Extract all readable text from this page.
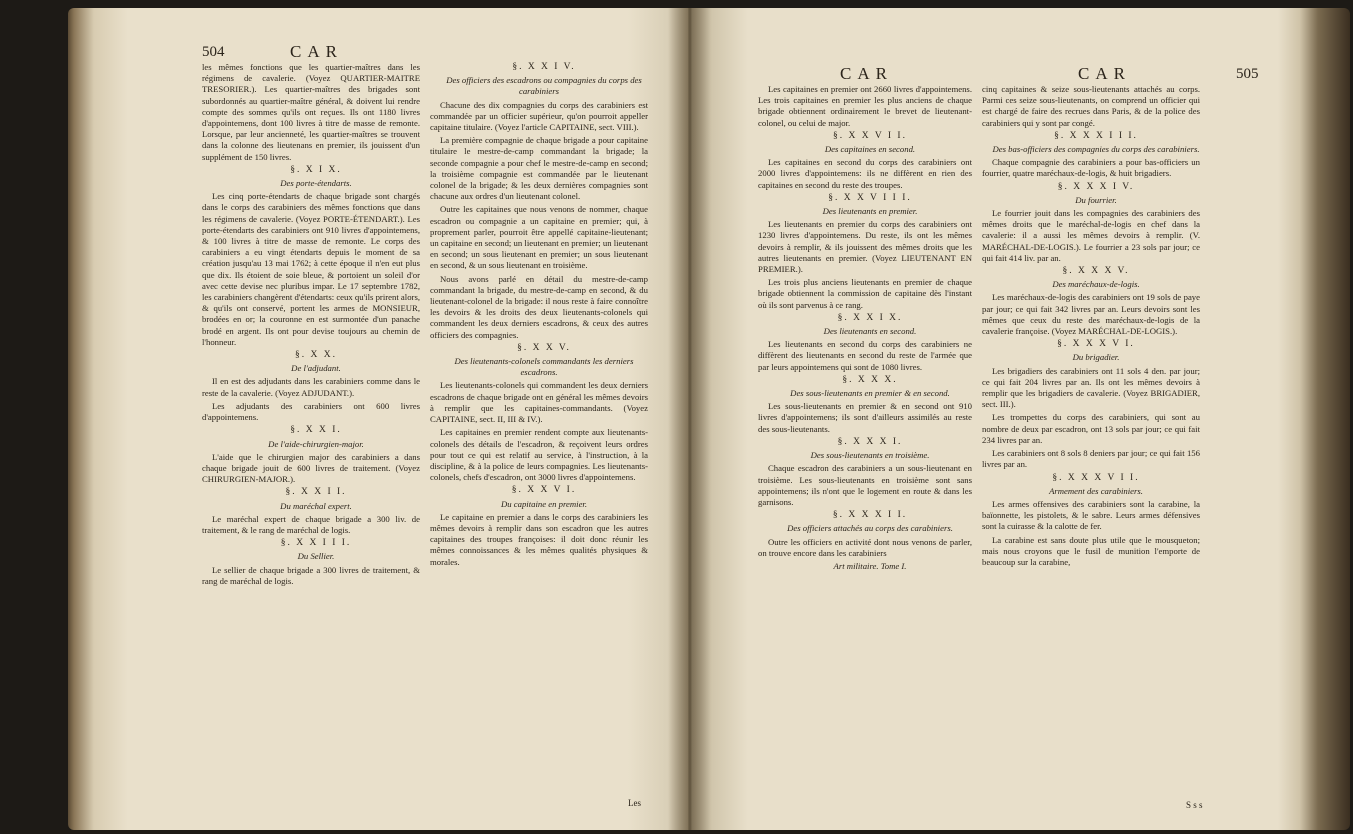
504	CAR

les mêmes fonctions que les quartier-maîtres dans les régimens de cavalerie. (Voyez QUARTIER-MAITRE TRESORIER.). Les quartier-maîtres des brigades sont subordonnés au quartier-maître général, & doivent lui rendre compte des sommes qu'ils ont reçues. Ils ont 1180 livres d'appointemens, dont 100 livres à titre de masse de remonte. Lorsque, par leur ancienneté, les quartier-maîtres se trouvent dans la colonne des lieutenans en premier, ils jouissent d'un supplément de 150 livres.

§. X I X.

Des porte-étendarts.

Les cinq porte-étendarts de chaque brigade sont chargés dans le corps des carabiniers des mêmes fonctions que dans les régimens de cavalerie. (Voyez PORTE-ÉTENDART.). Les porte-étendarts des carabiniers ont 910 livres d'appointemens, & 100 livres à titre de masse de remonte. Le corps des carabiniers a eu vingt étendarts depuis le moment de sa création jusqu'au 13 mai 1762; à cette époque il n'en eut plus que dix. Ils étoient de soie bleue, & portoient un soleil d'or avec cette devise nec pluribus impar. Le 17 septembre 1782, les carabiniers changèrent d'étendarts: ceux qu'ils prirent alors, & qu'ils ont conservé, portent les armes de MONSIEUR, brodées en or; la couronne en est surmontée d'un panache brodé en argent. Ils ont pour devise toujours au chemin de l'honneur.

§. X X.

De l'adjudant.

Il en est des adjudants dans les carabiniers comme dans le reste de la cavalerie. (Voyez ADJUDANT.).

Les adjudants des carabiniers ont 600 livres d'appointemens.

§. X X I.

De l'aide-chirurgien-major.

L'aide que le chirurgien major des carabiniers a dans chaque brigade jouit de 600 livres de traitement. (Voyez CHIRURGIEN-MAJOR.).

§. X X I I.

Du maréchal expert.

Le maréchal expert de chaque brigade a 300 liv. de traitement, & le rang de maréchal de logis.

§. X X I I I.

Du Sellier.

Le sellier de chaque brigade a 300 livres de traitement, & rang de maréchal de logis.

§. X X I V.

Des officiers des escadrons ou compagnies du corps des carabiniers

Chacune des dix compagnies du corps des carabiniers est commandée par un officier supérieur, qu'on pourroit appeller capitaine titulaire. (Voyez l'article CAPITAINE, sect. VIII.).

La première compagnie de chaque brigade a pour capitaine titulaire le mestre-de-camp commandant la brigade; la seconde compagnie a pour chef le mestre-de-camp en second; la troisième compagnie est commandée par le lieutenant colonel de la brigade; & les deux dernières compagnies sont chacune aux ordres d'un lieutenant colonel.

Outre les capitaines que nous venons de nommer, chaque escadron ou compagnie a un capitaine en premier; qui, à proprement parler, pourroit être appellé capitaine-lieutenant; un capitaine en second; un lieutenant en premier; un lieutenant en second; un sous lieutenant en premier; un sous lieutenant en second, & un sous lieutenant en troisième.

Nous avons parlé en détail du mestre-de-camp commandant la brigade, du mestre-de-camp en second, & du lieutenant-colonel de la brigade: il nous reste à faire connoître les devoirs & les droits des deux lieutenants-colonels qui commandent les deux derniers escadrons, & ceux des autres officiers des compagnies.

§. X X V.

Des lieutenants-colonels commandants les derniers escadrons.

Les lieutenants-colonels qui commandent les deux derniers escadrons de chaque brigade ont en général les mêmes devoirs à remplir que les capitaines-commandants. (Voyez CAPITAINE, sect. II, III & IV.).

Les capitaines en premier rendent compte aux lieutenants-colonels des détails de l'escadron, & reçoivent leurs ordres pour tout ce qui est relatif au service, à l'instruction, à la discipline, & à la police de leurs compagnies. Les lieutenants-colonels, chefs d'escadron, ont 3000 livres d'appointemens.

§. X X V I.

Du capitaine en premier.

Le capitaine en premier a dans le corps des carabiniers les mêmes devoirs à remplir dans son escadron que les autres capitaines des troupes françoises: il doit donc réunir les mêmes connoissances & les mêmes qualités physiques & morales.

Les
CAR	CAR	505

Les capitaines en premier ont 2660 livres d'appointemens. Les trois capitaines en premier les plus anciens de chaque brigade obtiennent ordinairement le brevet de lieutenant-colonel, ou celui de major.

§. X X V I I.

Des capitaines en second.

Les capitaines en second du corps des carabiniers ont 2000 livres d'appointemens: ils ne diffèrent en rien des capitaines en second du reste des troupes.

§. X X V I I I.

Des lieutenants en premier.

Les lieutenants en premier du corps des carabiniers ont 1230 livres d'appointemens. Du reste, ils ont les mêmes devoirs à remplir, & ils jouissent des mêmes droits que les autres lieutenants en premier. (Voyez LIEUTENANT EN PREMIER.).

Les trois plus anciens lieutenants en premier de chaque brigade obtiennent la commission de capitaine dès l'instant où ils sont parvenus à ce rang.

§. X X I X.

Des lieutenants en second.

Les lieutenants en second du corps des carabiniers ne diffèrent des lieutenants en second du reste de l'armée que par leurs appointemens qui sont de 1080 livres.

§. X X X.

Des sous-lieutenants en premier & en second.

Les sous-lieutenants en premier & en second ont 910 livres d'appointemens; ils sont d'ailleurs assimilés au reste des sous-lieutenants.

§. X X X I.

Des sous-lieutenants en troisième.

Chaque escadron des carabiniers a un sous-lieutenant en troisième. Les sous-lieutenants en troisième sont sans appointemens; ils n'ont que le logement en route & dans les garnisons.

§. X X X I I.

Des officiers attachés au corps des carabiniers.

Outre les officiers en activité dont nous venons de parler, on trouve encore dans les carabiniers

Art militaire. Tome I.

cinq capitaines & seize sous-lieutenants attachés au corps. Parmi ces seize sous-lieutenants, on comprend un officier qui est chargé de faire des recrues dans Paris, & de la police des carabiniers qui y sont par congé.

§. X X X I I I.

Des bas-officiers des compagnies du corps des carabiniers.

Chaque compagnie des carabiniers a pour bas-officiers un fourrier, quatre maréchaux-de-logis, & huit brigadiers.

§. X X X I V.

Du fourrier.

Le fourrier jouit dans les compagnies des carabiniers des mêmes droits que le maréchal-de-logis en chef dans la cavalerie: il a aussi les mêmes devoirs à remplir. (V. MARÉCHAL-DE-LOGIS.). Le fourrier a 23 sols par jour; ce qui fait 414 liv. par an.

§. X X X V.

Des maréchaux-de-logis.

Les maréchaux-de-logis des carabiniers ont 19 sols de paye par jour; ce qui fait 342 livres par an. Leurs devoirs sont les mêmes que ceux du reste des maréchaux-de-logis de la cavalerie françoise. (Voyez MARÉCHAL-DE-LOGIS.).

§. X X X V I.

Du brigadier.

Les brigadiers des carabiniers ont 11 sols 4 den. par jour; ce qui fait 204 livres par an. Ils ont les mêmes devoirs à remplir que les brigadiers de cavalerie. (Voyez BRIGADIER, sect. III.).

Les trompettes du corps des carabiniers, qui sont au nombre de deux par escadron, ont 13 sols par jour; ce qui fait 234 livres par an.

Les carabiniers ont 8 sols 8 deniers par jour; ce qui fait 156 livres par an.

§. X X X V I I.

Armement des carabiniers.

Les armes offensives des carabiniers sont la carabine, la baïonnette, les pistolets, & le sabre. Leurs armes défensives sont la cuirasse & la calotte de fer.

La carabine est sans doute plus utile que le mousqueton; mais nous croyons que le fusil de munition l'emporte de beaucoup sur la carabine,

S s s
